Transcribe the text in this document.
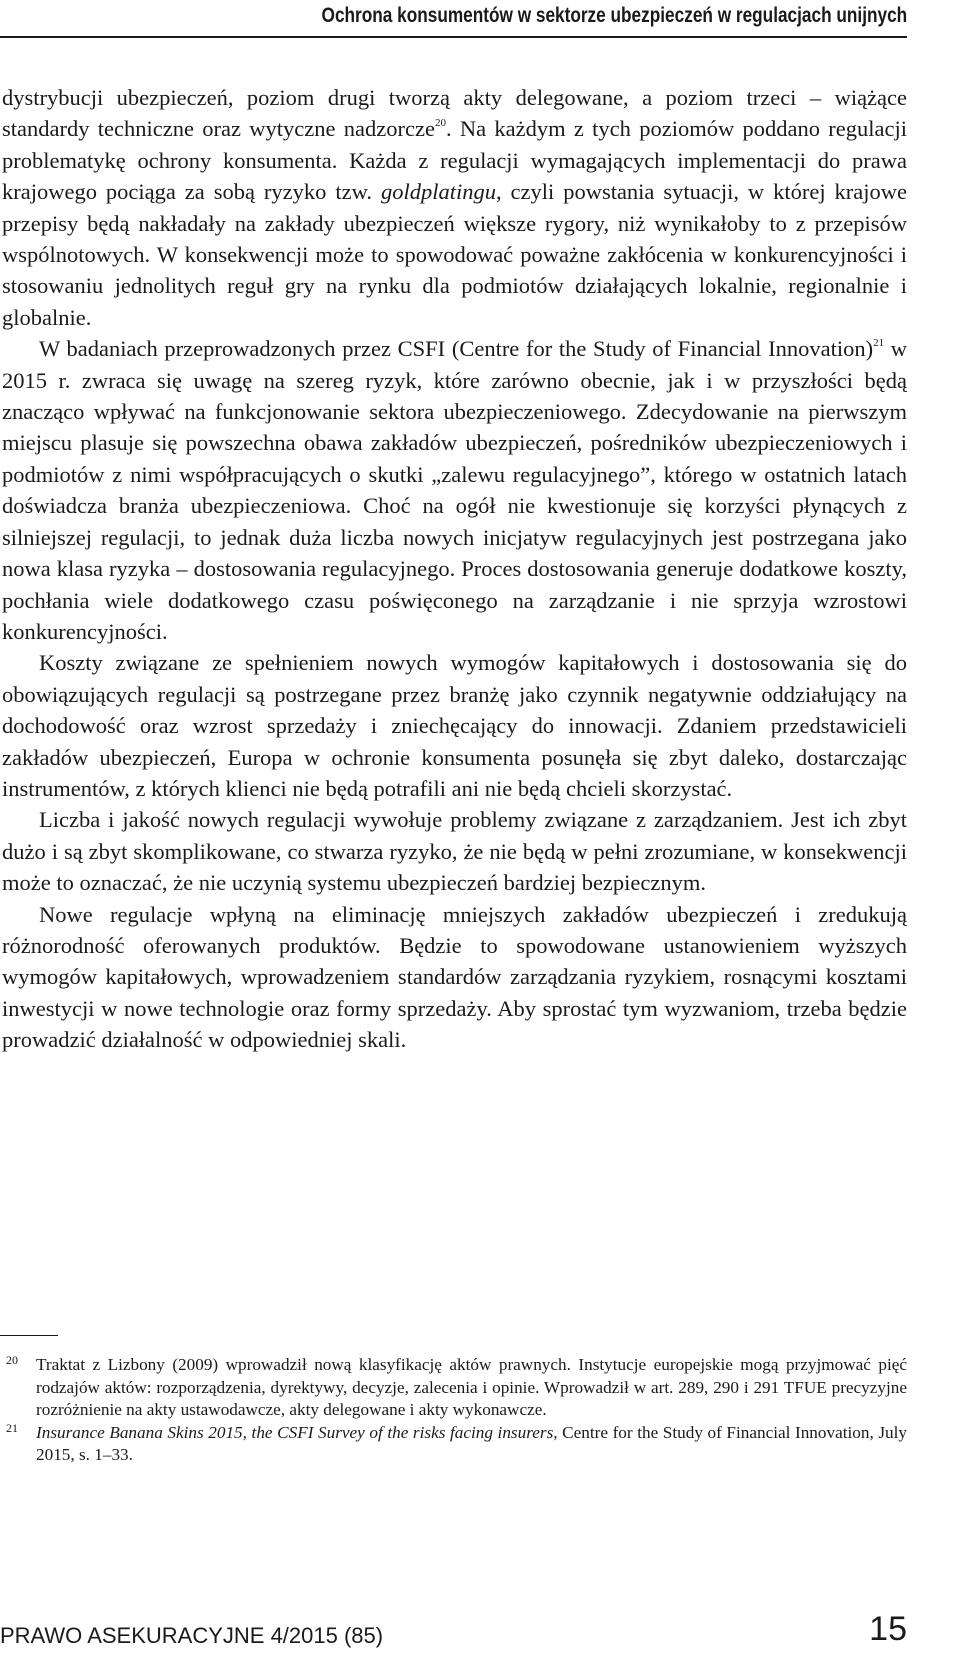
Ochrona konsumentów w sektorze ubezpieczeń w regulacjach unijnych

dystrybucji ubezpieczeń, poziom drugi tworzą akty delegowane, a poziom trzeci – wiążące standardy techniczne oraz wytyczne nadzorcze$^{20}$. Na każdym z tych poziomów poddano regulacji problematykę ochrony konsumenta. Każda z regulacji wymagających implementacji do prawa krajowego pociąga za sobą ryzyko tzw. goldplatingu, czyli powstania sytuacji, w której krajowe przepisy będą nakładały na zakłady ubezpieczeń większe rygory, niż wynikałoby to z przepisów wspólnotowych. W konsekwencji może to spowodować poważne zakłócenia w konkurencyjności i stosowaniu jednolitych reguł gry na rynku dla podmiotów działających lokalnie, regionalnie i globalnie.

W badaniach przeprowadzonych przez CSFI (Centre for the Study of Financial Innovation)$^{21}$ w 2015 r. zwraca się uwagę na szereg ryzyk, które zarówno obecnie, jak i w przyszłości będą znacząco wpływać na funkcjonowanie sektora ubezpieczeniowego. Zdecydowanie na pierwszym miejscu plasuje się powszechna obawa zakładów ubezpieczeń, pośredników ubezpieczeniowych i podmiotów z nimi współpracujących o skutki „zalewu regulacyjnego”, którego w ostatnich latach doświadcza branża ubezpieczeniowa. Choć na ogół nie kwestionuje się korzyści płynących z silniejszej regulacji, to jednak duża liczba nowych inicjatyw regulacyjnych jest postrzegana jako nowa klasa ryzyka – dostosowania regulacyjnego. Proces dostosowania generuje dodatkowe koszty, pochłania wiele dodatkowego czasu poświęconego na zarządzanie i nie sprzyja wzrostowi konkurencyjności.

Koszty związane ze spełnieniem nowych wymogów kapitałowych i dostosowania się do obowiązujących regulacji są postrzegane przez branżę jako czynnik negatywnie oddziałujący na dochodowość oraz wzrost sprzedaży i zniechęcający do innowacji. Zdaniem przedstawicieli zakładów ubezpieczeń, Europa w ochronie konsumenta posunęła się zbyt daleko, dostarczając instrumentów, z których klienci nie będą potrafili ani nie będą chcieli skorzystać.

Liczba i jakość nowych regulacji wywołuje problemy związane z zarządzaniem. Jest ich zbyt dużo i są zbyt skomplikowane, co stwarza ryzyko, że nie będą w pełni zrozumiane, w konsekwencji może to oznaczać, że nie uczynią systemu ubezpieczeń bardziej bezpiecznym.

Nowe regulacje wpłyną na eliminację mniejszych zakładów ubezpieczeń i zredukują różnorodność oferowanych produktów. Będzie to spowodowane ustanowieniem wyższych wymogów kapitałowych, wprowadzeniem standardów zarządzania ryzykiem, rosnącymi kosztami inwestycji w nowe technologie oraz formy sprzedaży. Aby sprostać tym wyzwaniom, trzeba będzie prowadzić działalność w odpowiedniej skali.

20 Traktat z Lizbony (2009) wprowadził nową klasyfikację aktów prawnych. Instytucje europejskie mogą przyjmować pięć rodzajów aktów: rozporządzenia, dyrektywy, decyzje, zalecenia i opinie. Wprowadził w art. 289, 290 i 291 TFUE precyzyjne rozróżnienie na akty ustawodawcze, akty delegowane i akty wykonawcze.
21 Insurance Banana Skins 2015, the CSFI Survey of the risks facing insurers, Centre for the Study of Financial Innovation, July 2015, s. 1–33.
PRAWO ASEKURACYJNE 4/2015 (85)	15
